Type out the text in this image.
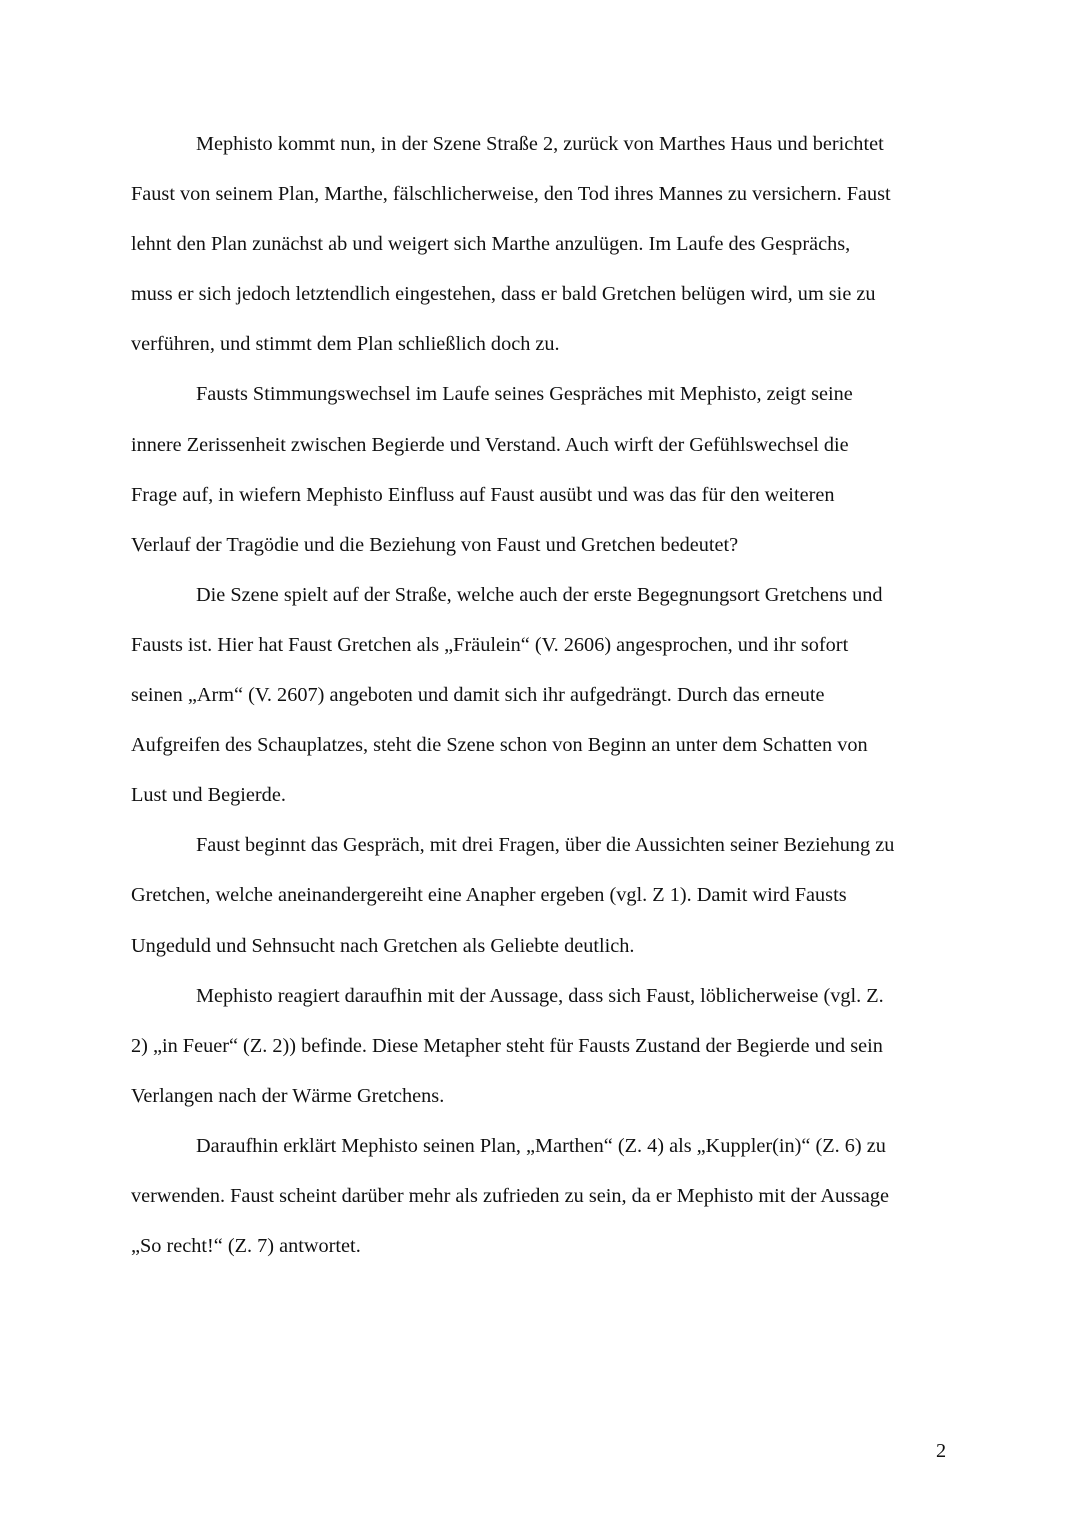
Mephisto kommt nun, in der Szene Straße 2, zurück von Marthes Haus und berichtet
Faust von seinem Plan, Marthe, fälschlicherweise, den Tod ihres Mannes zu versichern. Faust
lehnt den Plan zunächst ab und weigert sich Marthe anzulügen. Im Laufe des Gesprächs,
muss er sich jedoch letztendlich eingestehen, dass er bald Gretchen belügen wird, um sie zu
verführen, und stimmt dem Plan schließlich doch zu.
Fausts Stimmungswechsel im Laufe seines Gespräches mit Mephisto, zeigt seine
innere Zerissenheit zwischen Begierde und Verstand. Auch wirft der Gefühlswechsel die
Frage auf, in wiefern Mephisto Einfluss auf Faust ausübt und was das für den weiteren
Verlauf der Tragödie und die Beziehung von Faust und Gretchen bedeutet?
Die Szene spielt auf der Straße, welche auch der erste Begegnungsort Gretchens und
Fausts ist. Hier hat Faust Gretchen als „Fräulein“ (V. 2606) angesprochen, und ihr sofort
seinen „Arm“ (V. 2607) angeboten und damit sich ihr aufgedrängt. Durch das erneute
Aufgreifen des Schauplatzes, steht die Szene schon von Beginn an unter dem Schatten von
Lust und Begierde.
Faust beginnt das Gespräch, mit drei Fragen, über die Aussichten seiner Beziehung zu
Gretchen, welche aneinandergereiht eine Anapher ergeben (vgl. Z 1). Damit wird Fausts
Ungeduld und Sehnsucht nach Gretchen als Geliebte deutlich.
Mephisto reagiert daraufhin mit der Aussage, dass sich Faust, löblicherweise (vgl. Z.
2) „in Feuer“ (Z. 2)) befinde. Diese Metapher steht für Fausts Zustand der Begierde und sein
Verlangen nach der Wärme Gretchens.
Daraufhin erklärt Mephisto seinen Plan, „Marthen“ (Z. 4) als „Kuppler(in)“ (Z. 6) zu
verwenden. Faust scheint darüber mehr als zufrieden zu sein, da er Mephisto mit der Aussage
„So recht!“ (Z. 7) antwortet.
2
